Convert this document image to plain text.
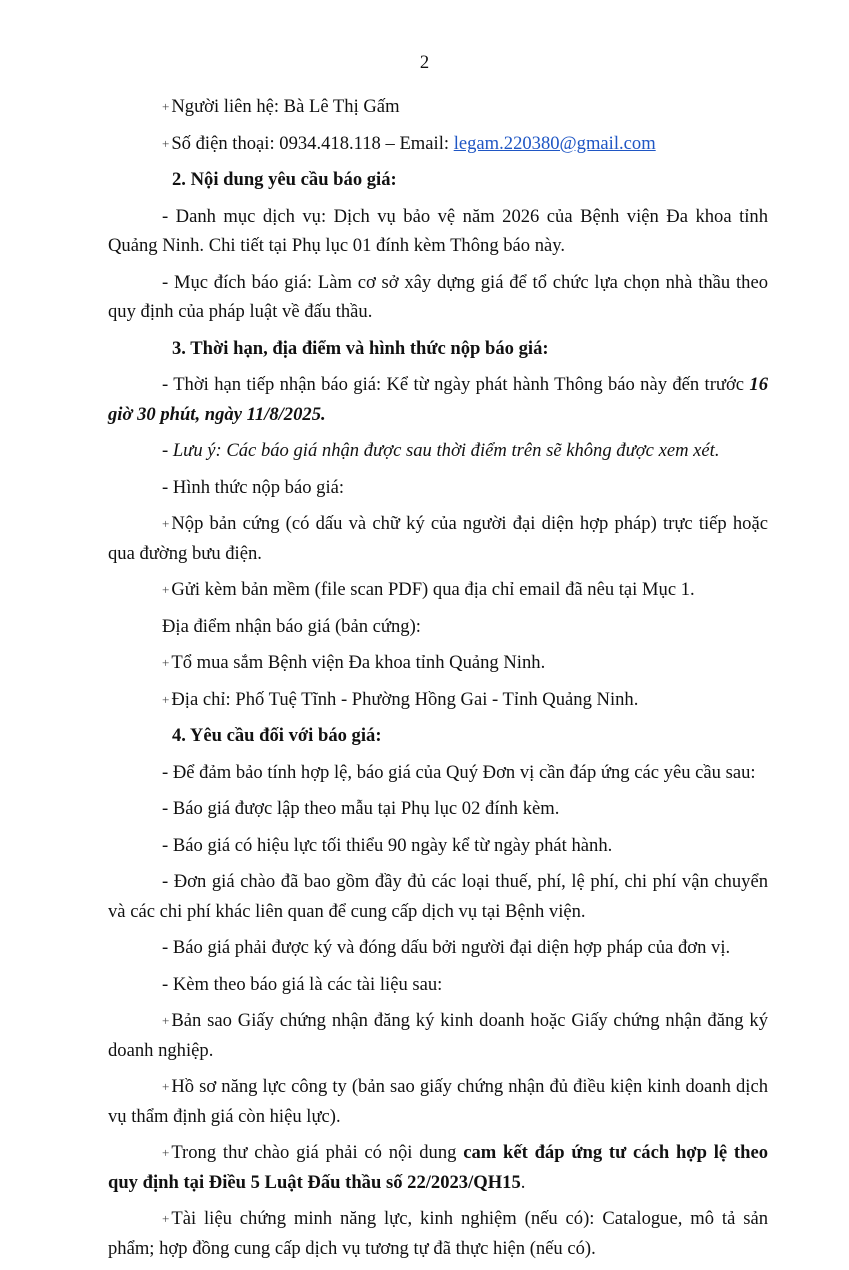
2

+ Người liên hệ: Bà Lê Thị Gấm

+ Số điện thoại: 0934.418.118 – Email: legam.220380@gmail.com

2. Nội dung yêu cầu báo giá:

- Danh mục dịch vụ: Dịch vụ bảo vệ năm 2026 của Bệnh viện Đa khoa tỉnh Quảng Ninh. Chi tiết tại Phụ lục 01 đính kèm Thông báo này.

- Mục đích báo giá: Làm cơ sở xây dựng giá để tổ chức lựa chọn nhà thầu theo quy định của pháp luật về đấu thầu.

3. Thời hạn, địa điểm và hình thức nộp báo giá:

- Thời hạn tiếp nhận báo giá: Kể từ ngày phát hành Thông báo này đến trước 16 giờ 30 phút, ngày 11/8/2025.

- Lưu ý: Các báo giá nhận được sau thời điểm trên sẽ không được xem xét.

- Hình thức nộp báo giá:

+ Nộp bản cứng (có dấu và chữ ký của người đại diện hợp pháp) trực tiếp hoặc qua đường bưu điện.

+ Gửi kèm bản mềm (file scan PDF) qua địa chỉ email đã nêu tại Mục 1.

Địa điểm nhận báo giá (bản cứng):

+ Tổ mua sắm Bệnh viện Đa khoa tỉnh Quảng Ninh.

+ Địa chỉ: Phố Tuệ Tĩnh - Phường Hồng Gai - Tỉnh Quảng Ninh.

4. Yêu cầu đối với báo giá:

- Để đảm bảo tính hợp lệ, báo giá của Quý Đơn vị cần đáp ứng các yêu cầu sau:

- Báo giá được lập theo mẫu tại Phụ lục 02 đính kèm.

- Báo giá có hiệu lực tối thiểu 90 ngày kể từ ngày phát hành.

- Đơn giá chào đã bao gồm đầy đủ các loại thuế, phí, lệ phí, chi phí vận chuyển và các chi phí khác liên quan để cung cấp dịch vụ tại Bệnh viện.

- Báo giá phải được ký và đóng dấu bởi người đại diện hợp pháp của đơn vị.

- Kèm theo báo giá là các tài liệu sau:

+ Bản sao Giấy chứng nhận đăng ký kinh doanh hoặc Giấy chứng nhận đăng ký doanh nghiệp.

+ Hồ sơ năng lực công ty (bản sao giấy chứng nhận đủ điều kiện kinh doanh dịch vụ thẩm định giá còn hiệu lực).

+ Trong thư chào giá phải có nội dung cam kết đáp ứng tư cách hợp lệ theo quy định tại Điều 5 Luật Đấu thầu số 22/2023/QH15.

+ Tài liệu chứng minh năng lực, kinh nghiệm (nếu có): Catalogue, mô tả sản phẩm; hợp đồng cung cấp dịch vụ tương tự đã thực hiện (nếu có).
